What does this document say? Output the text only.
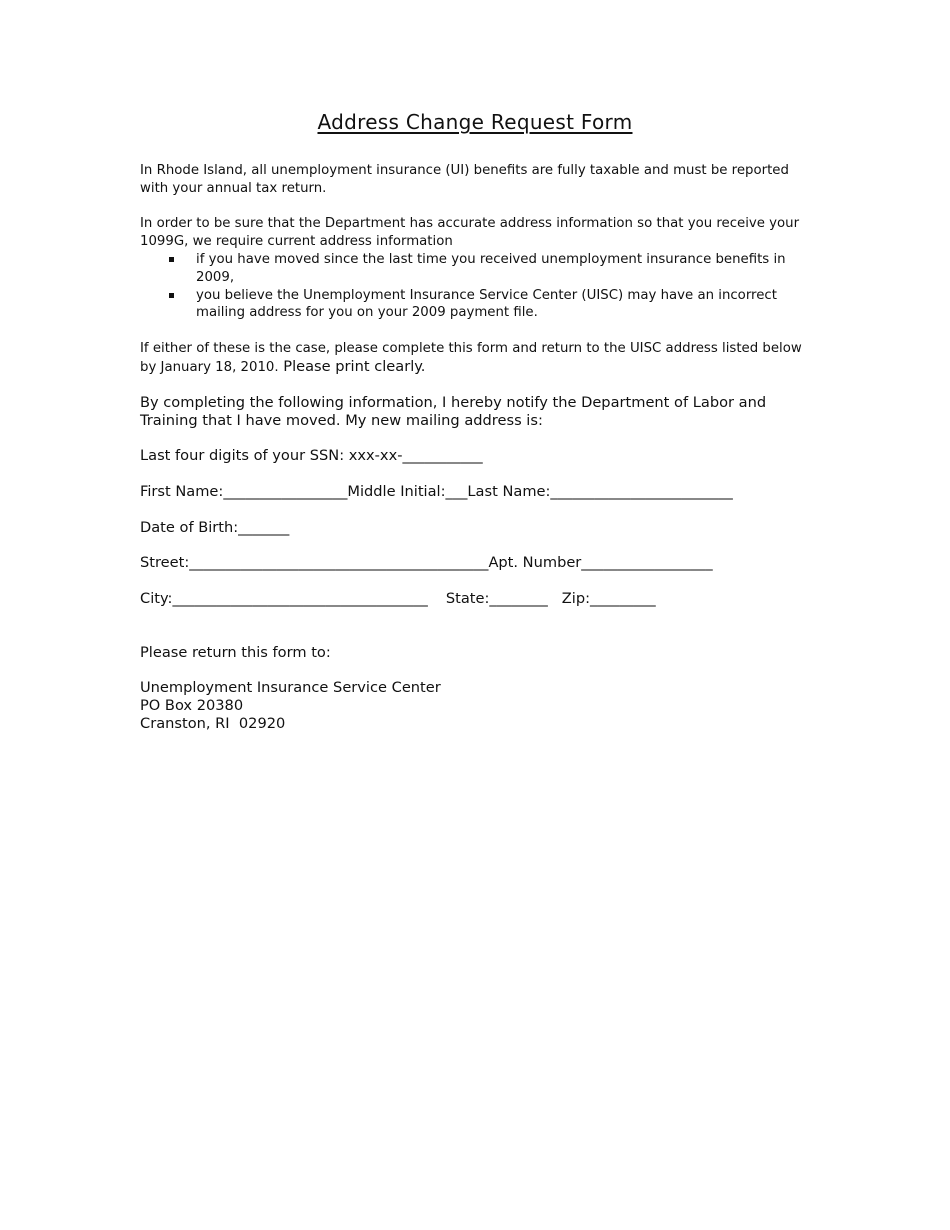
Address Change Request Form

In Rhode Island, all unemployment insurance (UI) benefits are fully taxable and must be reported with your annual tax return.

In order to be sure that the Department has accurate address information so that you receive your 1099G, we require current address information

if you have moved since the last time you received unemployment insurance benefits in 2009,
you believe the Unemployment Insurance Service Center (UISC) may have an incorrect mailing address for you on your 2009 payment file.

If either of these is the case, please complete this form and return to the UISC address listed below by January 18, 2010. Please print clearly.

By completing the following information, I hereby notify the Department of Labor and Training that I have moved. My new mailing address is:

Last four digits of your SSN: xxx-xx-___________
First Name:_________________Middle Initial:___Last Name:_________________________
Date of Birth:_______
Street:_________________________________________Apt. Number__________________
City:___________________________________ State:________ Zip:_________
Please return this form to:
Unemployment Insurance Service Center
PO Box 20380
Cranston, RI  02920
